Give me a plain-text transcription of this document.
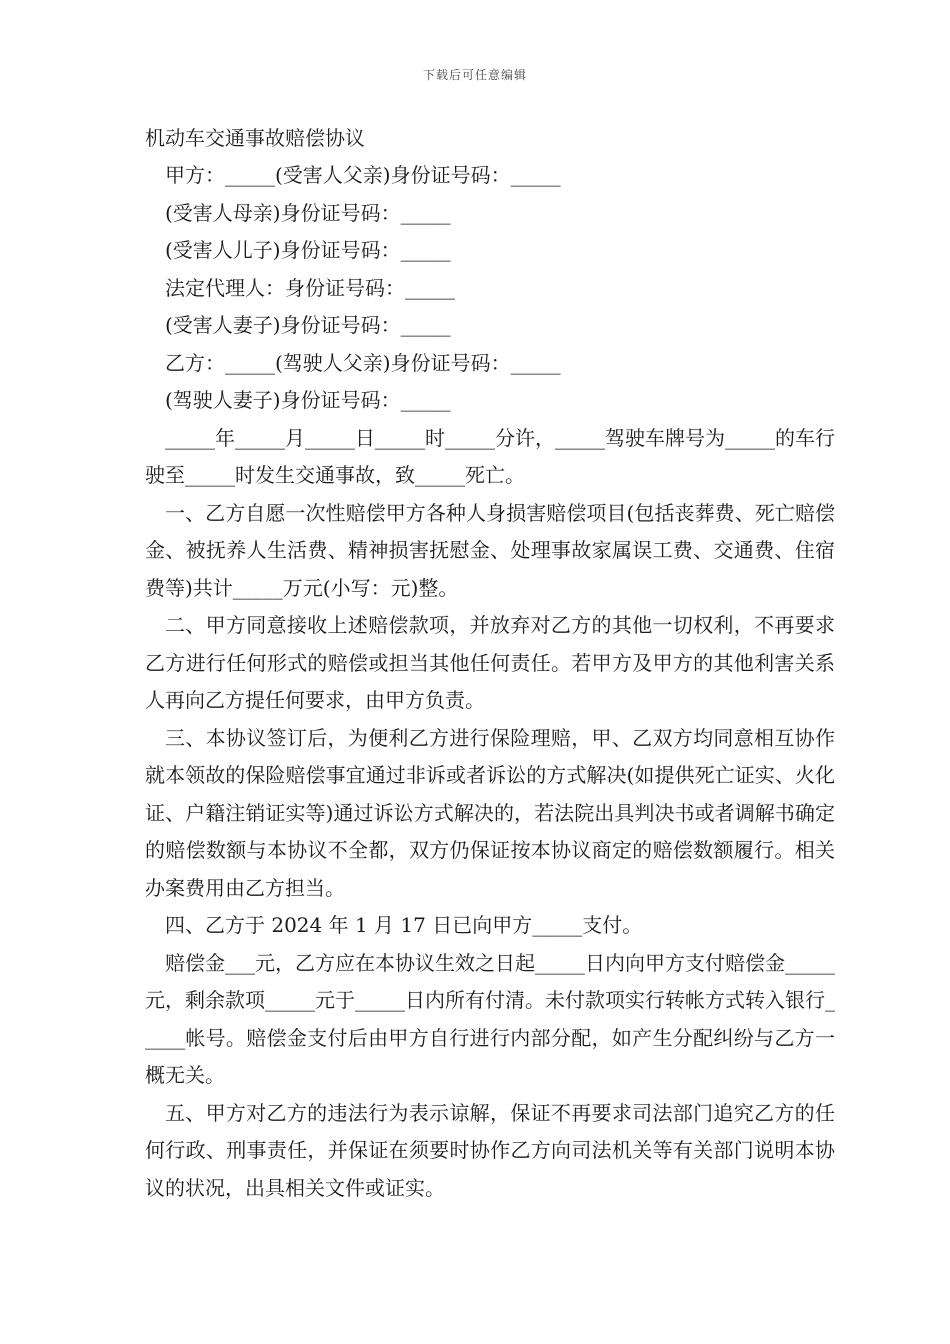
下载后可任意编辑
机动车交通事故赔偿协议

甲方：_____(受害人父亲)身份证号码：_____

(受害人母亲)身份证号码：_____

(受害人儿子)身份证号码：_____

法定代理人：身份证号码：_____

(受害人妻子)身份证号码：_____

乙方：_____(驾驶人父亲)身份证号码：_____

(驾驶人妻子)身份证号码：_____

_____年_____月_____日_____时_____分许，_____驾驶车牌号为_____的车行驶至_____时发生交通事故，致_____死亡。

一、乙方自愿一次性赔偿甲方各种人身损害赔偿项目(包括丧葬费、死亡赔偿金、被抚养人生活费、精神损害抚慰金、处理事故家属误工费、交通费、住宿费等)共计_____万元(小写：元)整。

二、甲方同意接收上述赔偿款项，并放弃对乙方的其他一切权利，不再要求乙方进行任何形式的赔偿或担当其他任何责任。若甲方及甲方的其他利害关系人再向乙方提任何要求，由甲方负责。

三、本协议签订后，为便利乙方进行保险理赔，甲、乙双方均同意相互协作就本领故的保险赔偿事宜通过非诉或者诉讼的方式解决(如提供死亡证实、火化证、户籍注销证实等)通过诉讼方式解决的，若法院出具判决书或者调解书确定的赔偿数额与本协议不全都，双方仍保证按本协议商定的赔偿数额履行。相关办案费用由乙方担当。

四、乙方于 2024 年 1 月 17 日已向甲方_____支付。

赔偿金___元，乙方应在本协议生效之日起_____日内向甲方支付赔偿金_____元，剩余款项_____元于_____日内所有付清。未付款项实行转帐方式转入银行_____帐号。赔偿金支付后由甲方自行进行内部分配，如产生分配纠纷与乙方一概无关。

五、甲方对乙方的违法行为表示谅解，保证不再要求司法部门追究乙方的任何行政、刑事责任，并保证在须要时协作乙方向司法机关等有关部门说明本协议的状况，出具相关文件或证实。
